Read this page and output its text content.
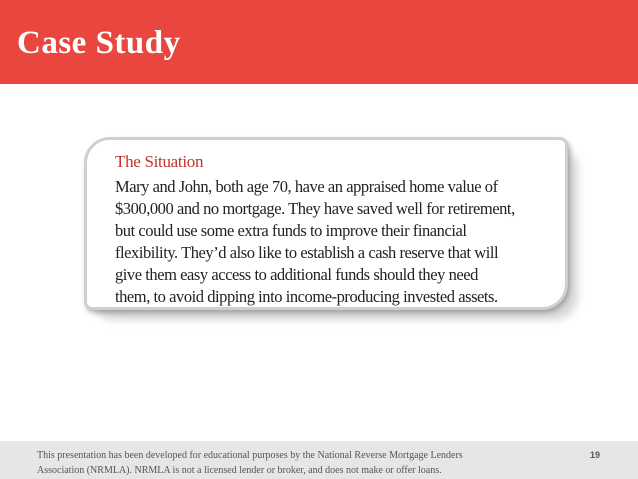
Case Study
The Situation

Mary and John, both age 70, have an appraised home value of
$300,000 and no mortgage. They have saved well for retirement,
but could use some extra funds to improve their financial
flexibility. They’d also like to establish a cash reserve that will
give them easy access to additional funds should they need
them, to avoid dipping into income-producing invested assets.

This presentation has been developed for educational purposes by the National Reverse Mortgage Lenders
Association (NRMLA). NRMLA is not a licensed lender or broker, and does not make or offer loans.

19
